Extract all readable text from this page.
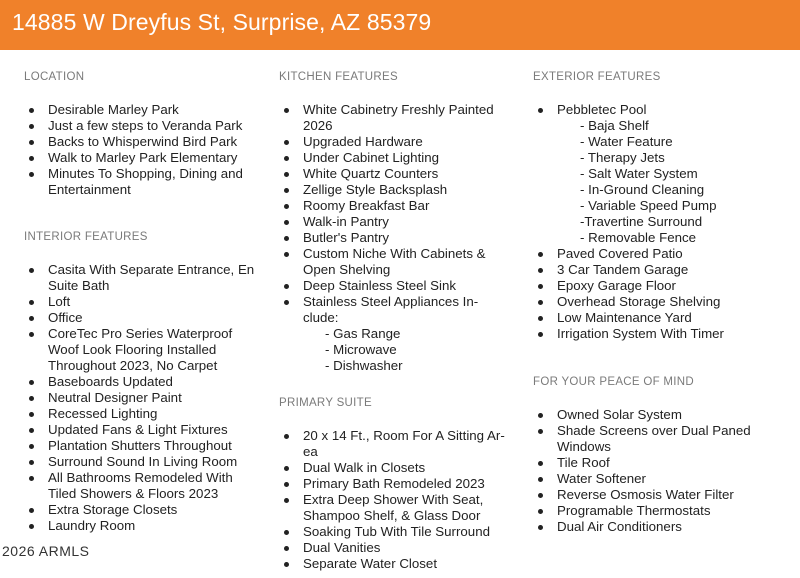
14885 W Dreyfus St, Surprise, AZ 85379
LOCATION
Desirable Marley Park
Just a few steps to Veranda Park
Backs to Whisperwind Bird Park
Walk to Marley Park Elementary
Minutes To Shopping, Dining and Entertainment
INTERIOR FEATURES
Casita With Separate Entrance, En Suite Bath
Loft
Office
CoreTec Pro Series Waterproof Woof Look Flooring Installed Throughout 2023, No Carpet
Baseboards Updated
Neutral Designer Paint
Recessed Lighting
Updated Fans & Light Fixtures
Plantation Shutters Throughout
Surround Sound In Living Room
All Bathrooms Remodeled With Tiled Showers & Floors 2023
Extra Storage Closets
Laundry Room
KITCHEN FEATURES
White Cabinetry Freshly Painted 2026
Upgraded Hardware
Under Cabinet Lighting
White Quartz Counters
Zellige Style Backsplash
Roomy Breakfast Bar
Walk-in Pantry
Butler's Pantry
Custom Niche With Cabinets & Open Shelving
Deep Stainless Steel Sink
Stainless Steel Appliances In-clude:
- Gas Range
- Microwave
- Dishwasher
PRIMARY SUITE
20 x 14 Ft., Room For A Sitting Ar-ea
Dual Walk in Closets
Primary Bath Remodeled 2023
Extra Deep Shower With Seat, Shampoo Shelf, & Glass Door
Soaking Tub With Tile Surround
Dual Vanities
Separate Water Closet
EXTERIOR FEATURES
Pebbletec Pool
- Baja Shelf
- Water Feature
- Therapy Jets
- Salt Water System
- In-Ground Cleaning
- Variable Speed Pump
-Travertine Surround
- Removable Fence
Paved Covered Patio
3 Car Tandem Garage
Epoxy Garage Floor
Overhead Storage Shelving
Low Maintenance Yard
Irrigation System With Timer
FOR YOUR PEACE OF MIND
Owned Solar System
Shade Screens over Dual Paned Windows
Tile Roof
Water Softener
Reverse Osmosis Water Filter
Programable Thermostats
Dual Air Conditioners
2026 ARMLS
